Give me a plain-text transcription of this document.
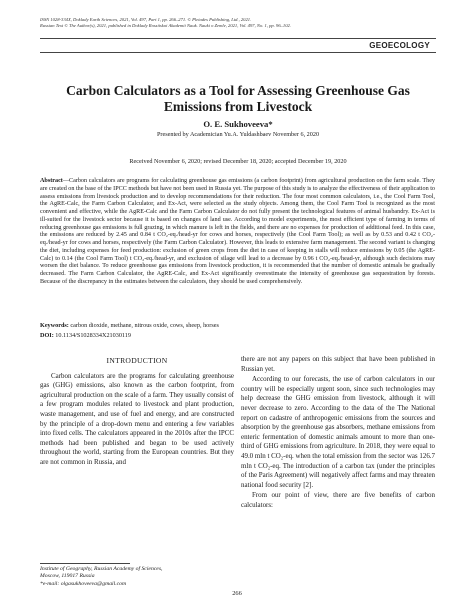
ISSN 1028-334X, Doklady Earth Sciences, 2021, Vol. 497, Part 1, pp. 266–271. © Pleiades Publishing, Ltd., 2021.
Russian Text © The Author(s), 2021, published in Doklady Rossiiskoi Akademii Nauk. Nauki o Zemle, 2021, Vol. 497, No. 1, pp. 96–102.
GEOECOLOGY
Carbon Calculators as a Tool for Assessing Greenhouse Gas Emissions from Livestock
O. E. Sukhoveeva*
Presented by Academician Yu.A. Yuldashbaev November 6, 2020
Received November 6, 2020; revised December 18, 2020; accepted December 19, 2020
Abstract—Carbon calculators are programs for calculating greenhouse gas emissions (a carbon footprint) from agricultural production on the farm scale. They are created on the base of the IPCC methods but have not been used in Russia yet. The purpose of this study is to analyze the effectiveness of their application to assess emissions from livestock production and to develop recommendations for their reduction. The four most common calculators, i.e., the Cool Farm Tool, the AgRE-Calc, the Farm Carbon Calculator, and Ex-Act, were selected as the study objects. Among them, the Cool Farm Tool is recognized as the most convenient and effective, while the AgRE-Calc and the Farm Carbon Calculator do not fully present the technological features of animal husbandry. Ex-Act is ill-suited for the livestock sector because it is based on changes of land use. According to model experiments, the most efficient type of farming in terms of reducing greenhouse gas emissions is full grazing, in which manure is left in the fields, and there are no expenses for production of additional feed. In this case, the emissions are reduced by 2.45 and 0.84 t CO₂-eq./head-yr for cows and horses, respectively (the Cool Farm Tool); as well as by 0.53 and 0.42 t CO₂-eq./head-yr for cows and horses, respectively (the Farm Carbon Calculator). However, this leads to extensive farm management. The second variant is changing the diet, including expenses for feed production: exclusion of green crops from the diet in case of keeping in stalls will reduce emissions by 0.05 (the AgRE-Calc) to 0.14 (the Cool Farm Tool) t CO₂-eq./head-yr, and exclusion of silage will lead to a decrease by 0.96 t CO₂-eq./head-yr, although such decisions may worsen the diet balance. To reduce greenhouse gas emissions from livestock production, it is recommended that the number of domestic animals be gradually decreased. The Farm Carbon Calculator, the AgRE-Calc, and Ex-Act significantly overestimate the intensity of greenhouse gas sequestration by forests. Because of the discrepancy in the estimates between the calculators, they should be used comprehensively.
Keywords: carbon dioxide, methane, nitrous oxide, cows, sheep, horses
DOI: 10.1134/S1028334X21030119
INTRODUCTION

Carbon calculators are the programs for calculating greenhouse gas (GHG) emissions, also known as the carbon footprint, from agricultural production on the scale of a farm. They usually consist of a few program modules related to livestock and plant production, waste management, and use of fuel and energy, and are constructed by the principle of a drop-down menu and entering a few variables into fixed cells. The calculators appeared in the 2010s after the IPCC methods had been published and began to be used actively throughout the world, starting from the European countries. But they are not common in Russia, and

there are not any papers on this subject that have been published in Russian yet.

According to our forecasts, the use of carbon calculators in our country will be especially urgent soon, since such technologies may help decrease the GHG emission from livestock, although it will never decrease to zero. According to the data of the The National report on cadastre of anthropogenic emissions from the sources and absorption by the greenhouse gas absorbers, methane emissions from enteric fermentation of domestic animals amount to more than one-third of GHG emissions from agriculture. In 2018, they were equal to 49.0 mln t CO₂-eq. when the total emission from the sector was 126.7 mln t CO₂-eq. The introduction of a carbon tax (under the principles of the Paris Agreement) will negatively affect farms and may threaten national food security [2].

From our point of view, there are five benefits of carbon calculators:

Institute of Geography, Russian Academy of Sciences,
Moscow, 119017 Russia
*e-mail: olgasukhoveeva@gmail.com
266
